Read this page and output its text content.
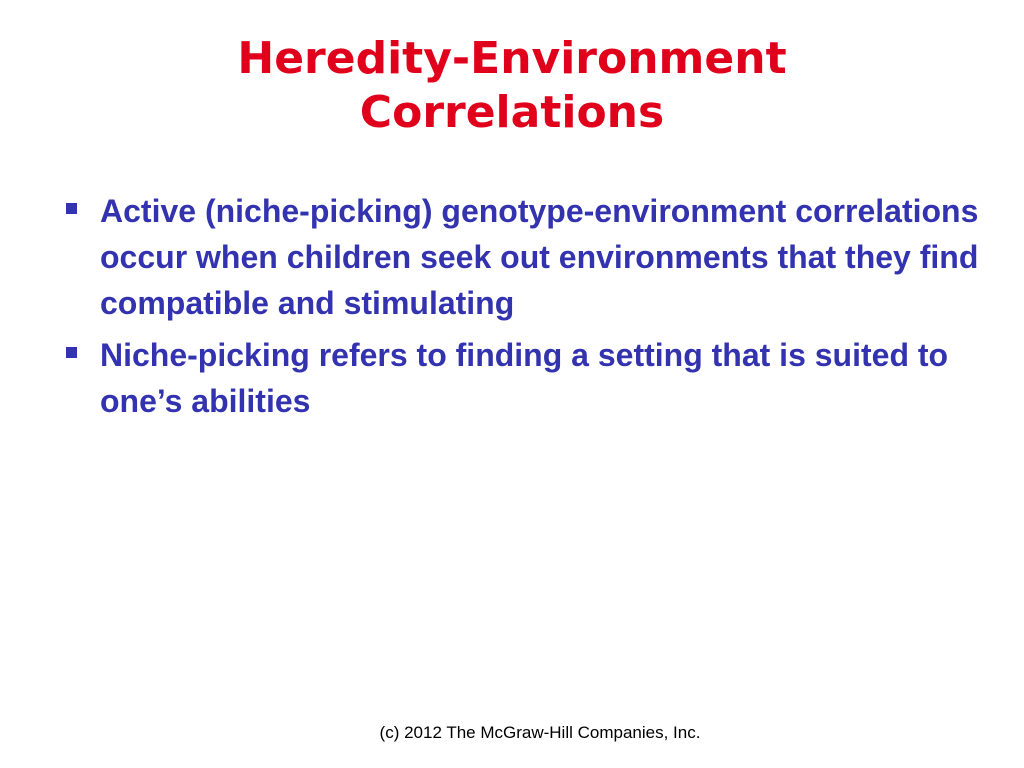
Heredity-Environment
Correlations
Active (niche-picking) genotype-environment correlations occur when children seek out environments that they find compatible and stimulating
Niche-picking refers to finding a setting that is suited to one’s abilities
(c) 2012 The McGraw-Hill Companies, Inc.
